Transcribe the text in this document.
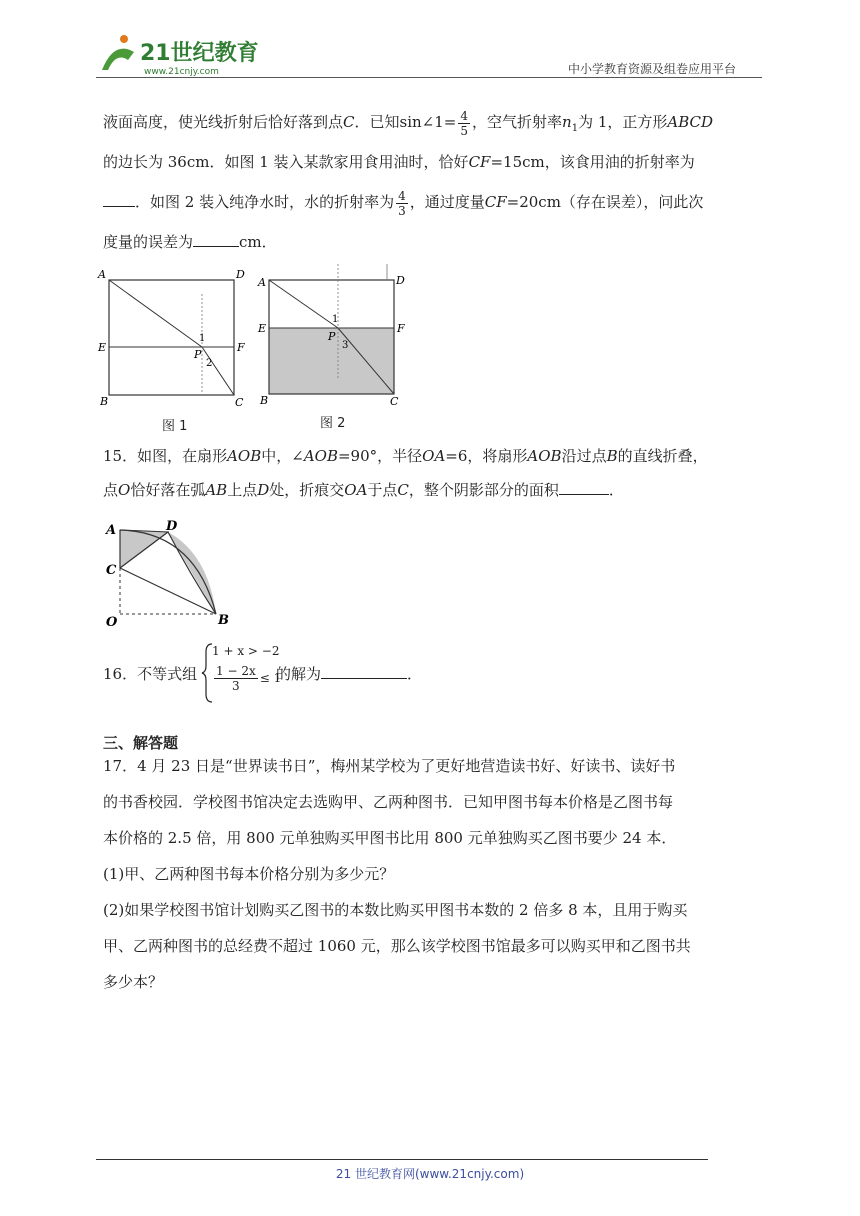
21世纪教育
www.21cnjy.com	中小学教育资源及组卷应用平台
液面高度，使光线折射后恰好落到点C．已知sin∠1= $\frac{4}{5}$ ，空气折射率$n_1$为 1，正方形ABCD
的边长为 36cm．如图 1 装入某款家用食用油时，恰好CF=15cm，该食用油的折射率为
．如图 2 装入纯净水时，水的折射率为 $\frac{4}{3}$ ，通过度量CF=20cm（存在误差），问此次
度量的误差为	cm．
A	D
E	F
B	C
P
1
2
图 1
A	D
E	F
B	C
P
1
3
图 2
15．如图，在扇形AOB中，∠AOB=90°，半径OA=6，将扇形AOB沿过点B的直线折叠，
点O恰好落在弧AB上点D处，折痕交OA于点C，整个阴影部分的面积	．
A	D
C
O	B
16．不等式组
1 + x > −2
$\frac{1 - 2x}{3} \le 1$
的解为	．
三、解答题
17．4 月 23 日是“世界读书日”，梅州某学校为了更好地营造读书好、好读书、读好书
的书香校园．学校图书馆决定去选购甲、乙两种图书．已知甲图书每本价格是乙图书每
本价格的 2.5 倍，用 800 元单独购买甲图书比用 800 元单独购买乙图书要少 24 本．
(1)甲、乙两种图书每本价格分别为多少元？
(2)如果学校图书馆计划购买乙图书的本数比购买甲图书本数的 2 倍多 8 本，且用于购买
甲、乙两种图书的总经费不超过 1060 元，那么该学校图书馆最多可以购买甲和乙图书共
多少本？
21 世纪教育网(www.21cnjy.com)
